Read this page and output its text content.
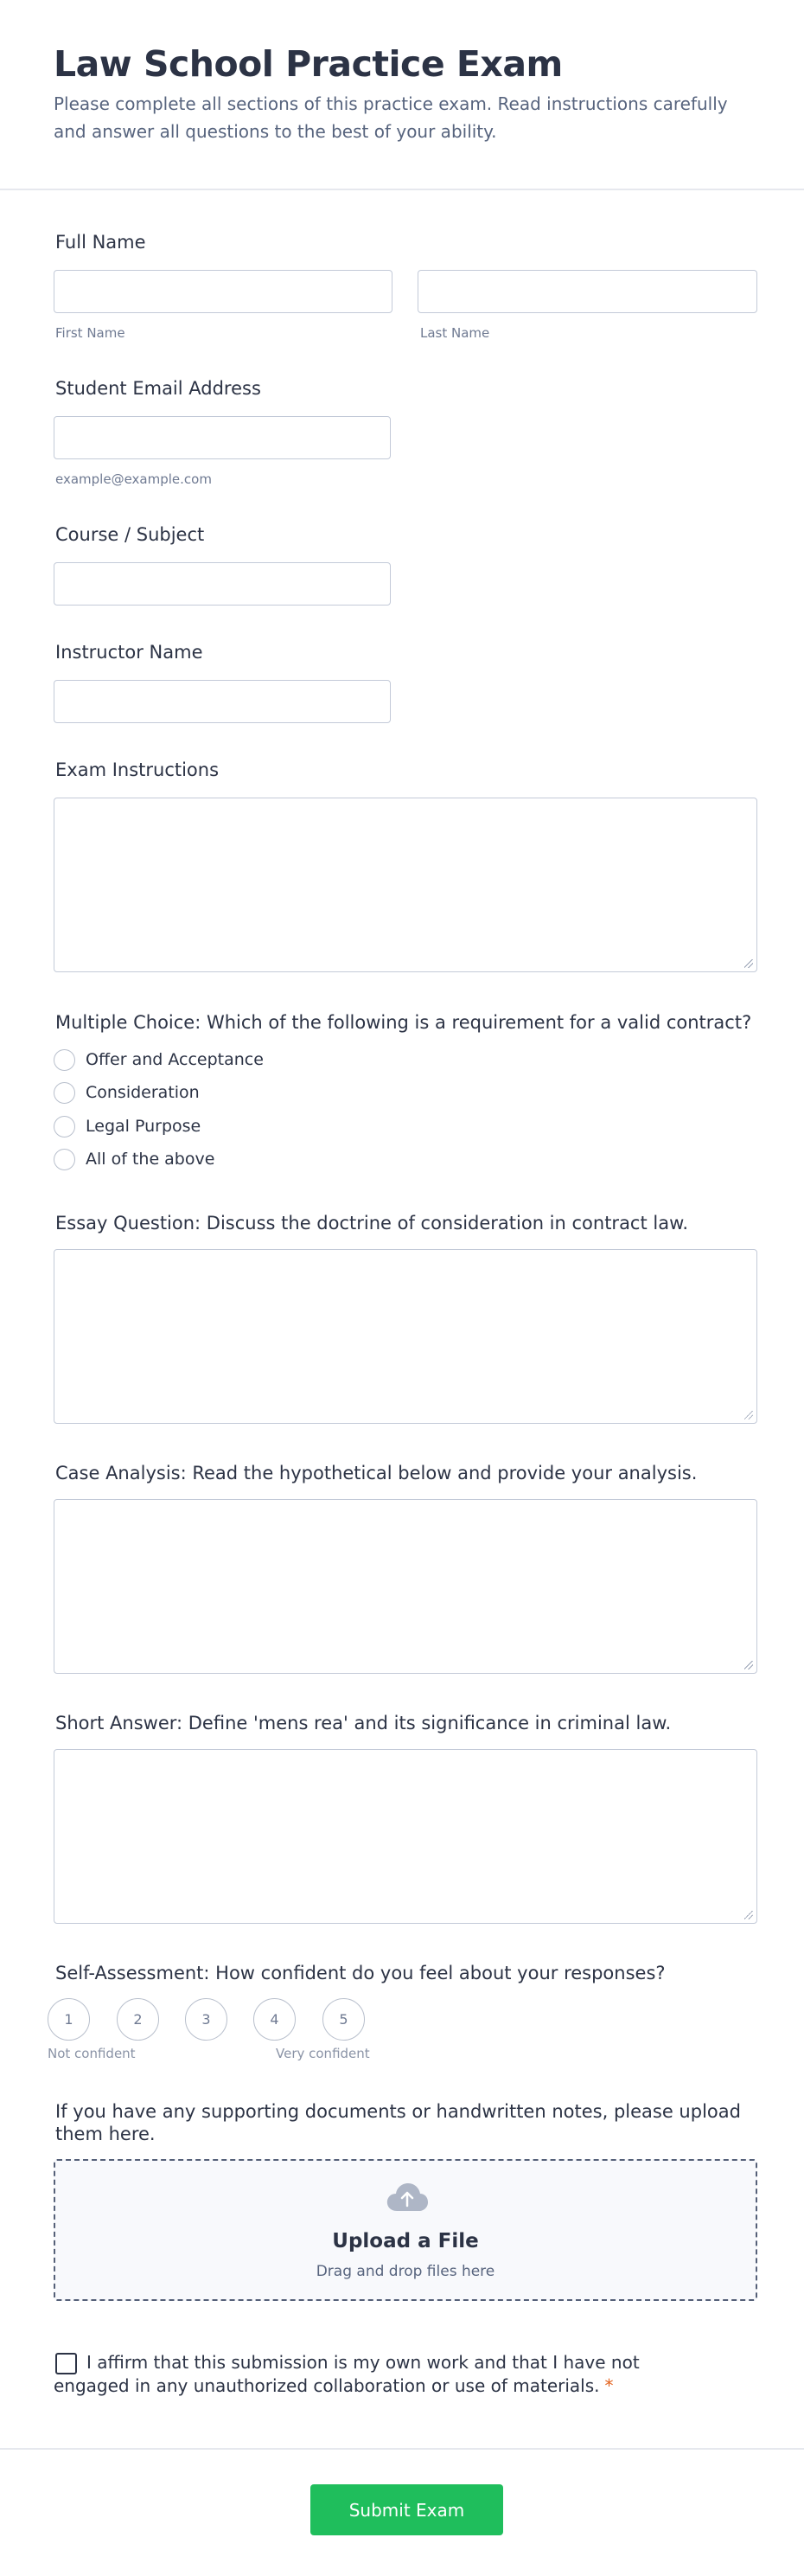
Law School Practice Exam

Please complete all sections of this practice exam. Read instructions carefully and answer all questions to the best of your ability.

Full Name

First Name	Last Name

Student Email Address

example@example.com

Course / Subject

Instructor Name

Exam Instructions

Multiple Choice: Which of the following is a requirement for a valid contract?

Offer and Acceptance
Consideration
Legal Purpose
All of the above

Essay Question: Discuss the doctrine of consideration in contract law.

Case Analysis: Read the hypothetical below and provide your analysis.

Short Answer: Define 'mens rea' and its significance in criminal law.

Self-Assessment: How confident do you feel about your responses?

1	2	3	4	5
Not confident	Very confident

If you have any supporting documents or handwritten notes, please upload them here.

Upload a File
Drag and drop files here

I affirm that this submission is my own work and that I have not engaged in any unauthorized collaboration or use of materials. *

Submit Exam
